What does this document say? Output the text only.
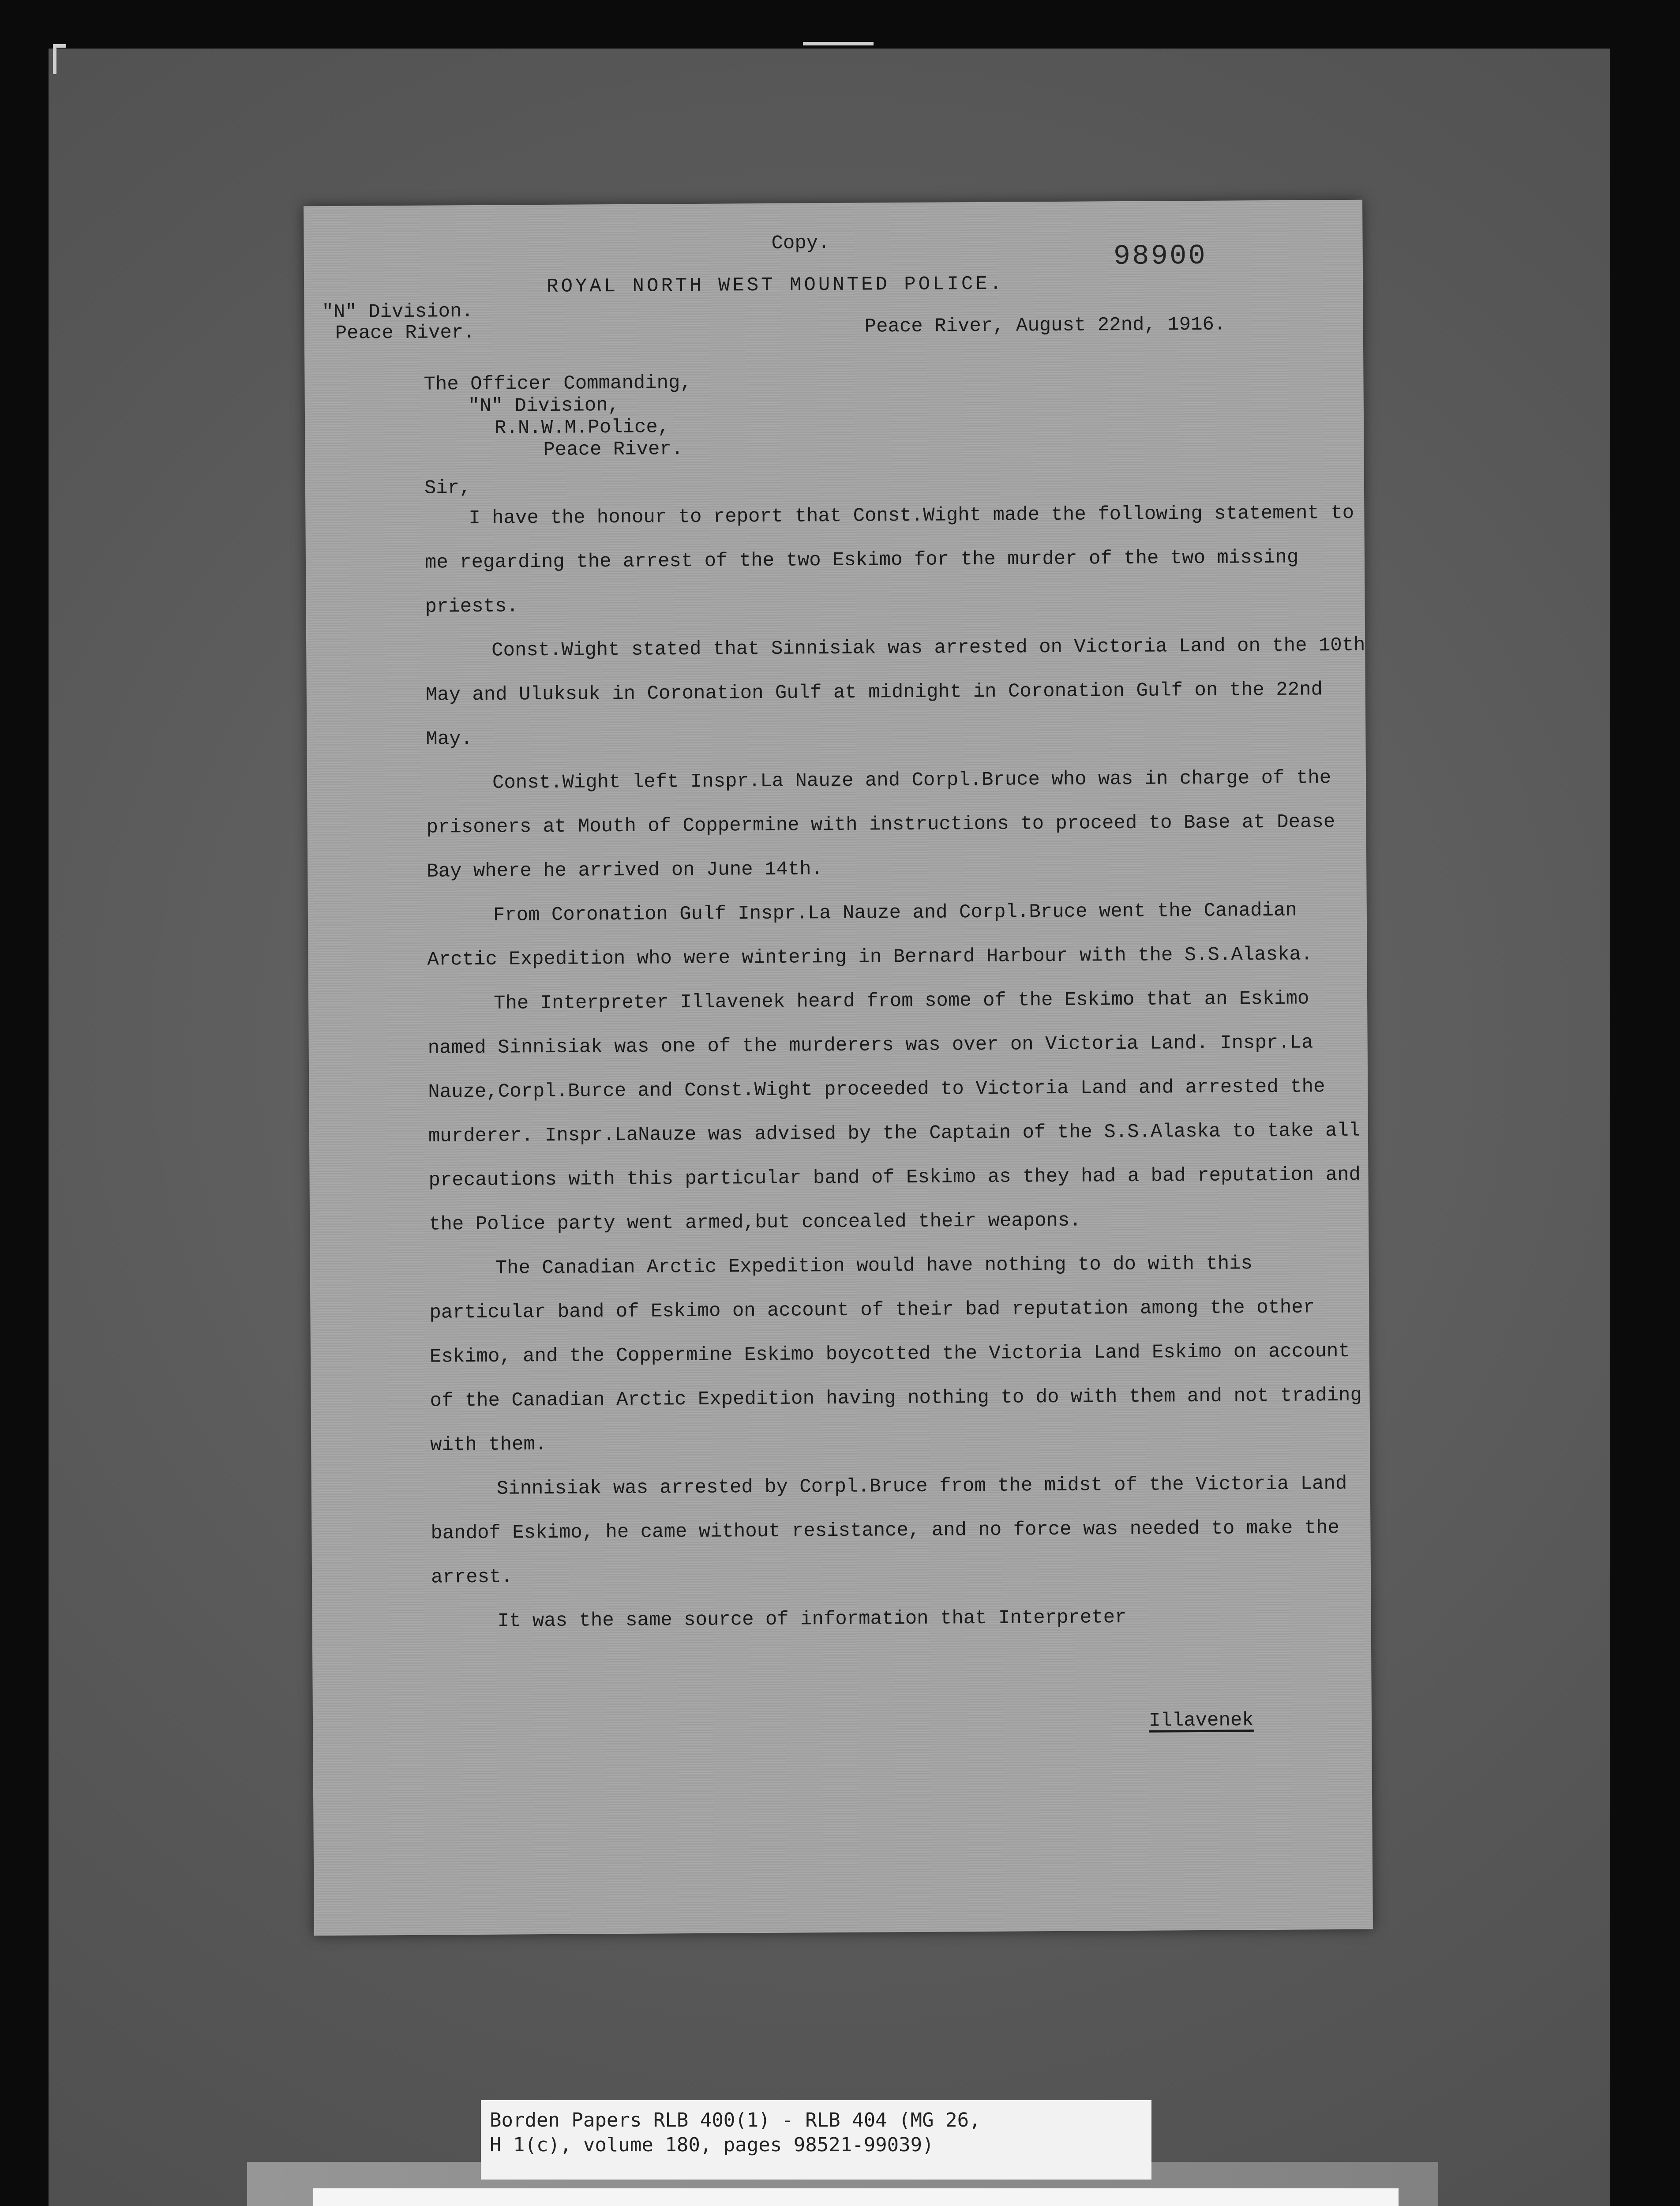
Copy.	98900
ROYAL NORTH WEST MOUNTED POLICE.
"N" Division.
Peace River.	Peace River, August 22nd, 1916.
The Officer Commanding,
"N" Division,
R.N.W.M.Police,
Peace River.
Sir,

I have the honour to report that Const.Wight made the following statement to me regarding the arrest of the two Eskimo for the murder of the two missing priests.

Const.Wight stated that Sinnisiak was arrested on Victoria Land on the 10th May and Uluksuk in Coronation Gulf at midnight in Coronation Gulf on the 22nd May.

Const.Wight left Inspr.La Nauze and Corpl.Bruce who was in charge of the prisoners at Mouth of Coppermine with instructions to proceed to Base at Dease Bay where he arrived on June 14th.

From Coronation Gulf Inspr.La Nauze and Corpl.Bruce went the Canadian Arctic Expedition who were wintering in Bernard Harbour with the S.S.Alaska.

The Interpreter Illavenek heard from some of the Eskimo that an Eskimo named Sinnisiak was one of the murderers was over on Victoria Land. Inspr.La Nauze,Corpl.Burce and Const.Wight proceeded to Victoria Land and arrested the murderer. Inspr.LaNauze was advised by the Captain of the S.S.Alaska to take all precautions with this particular band of Eskimo as they had a bad reputation and the Police party went armed,but concealed their weapons.

The Canadian Arctic Expedition would have nothing to do with this particular band of Eskimo on account of their bad reputation among the other Eskimo, and the Coppermine Eskimo boycotted the Victoria Land Eskimo on account of the Canadian Arctic Expedition having nothing to do with them and not trading with them.

Sinnisiak was arrested by Corpl.Bruce from the midst of the Victoria Land bandof Eskimo, he came without resistance, and no force was needed to make the arrest.

It was the same source of information that Interpreter

Illavenek
Borden Papers RLB 400(1) - RLB 404 (MG 26,
H 1(c), volume 180, pages 98521-99039)
